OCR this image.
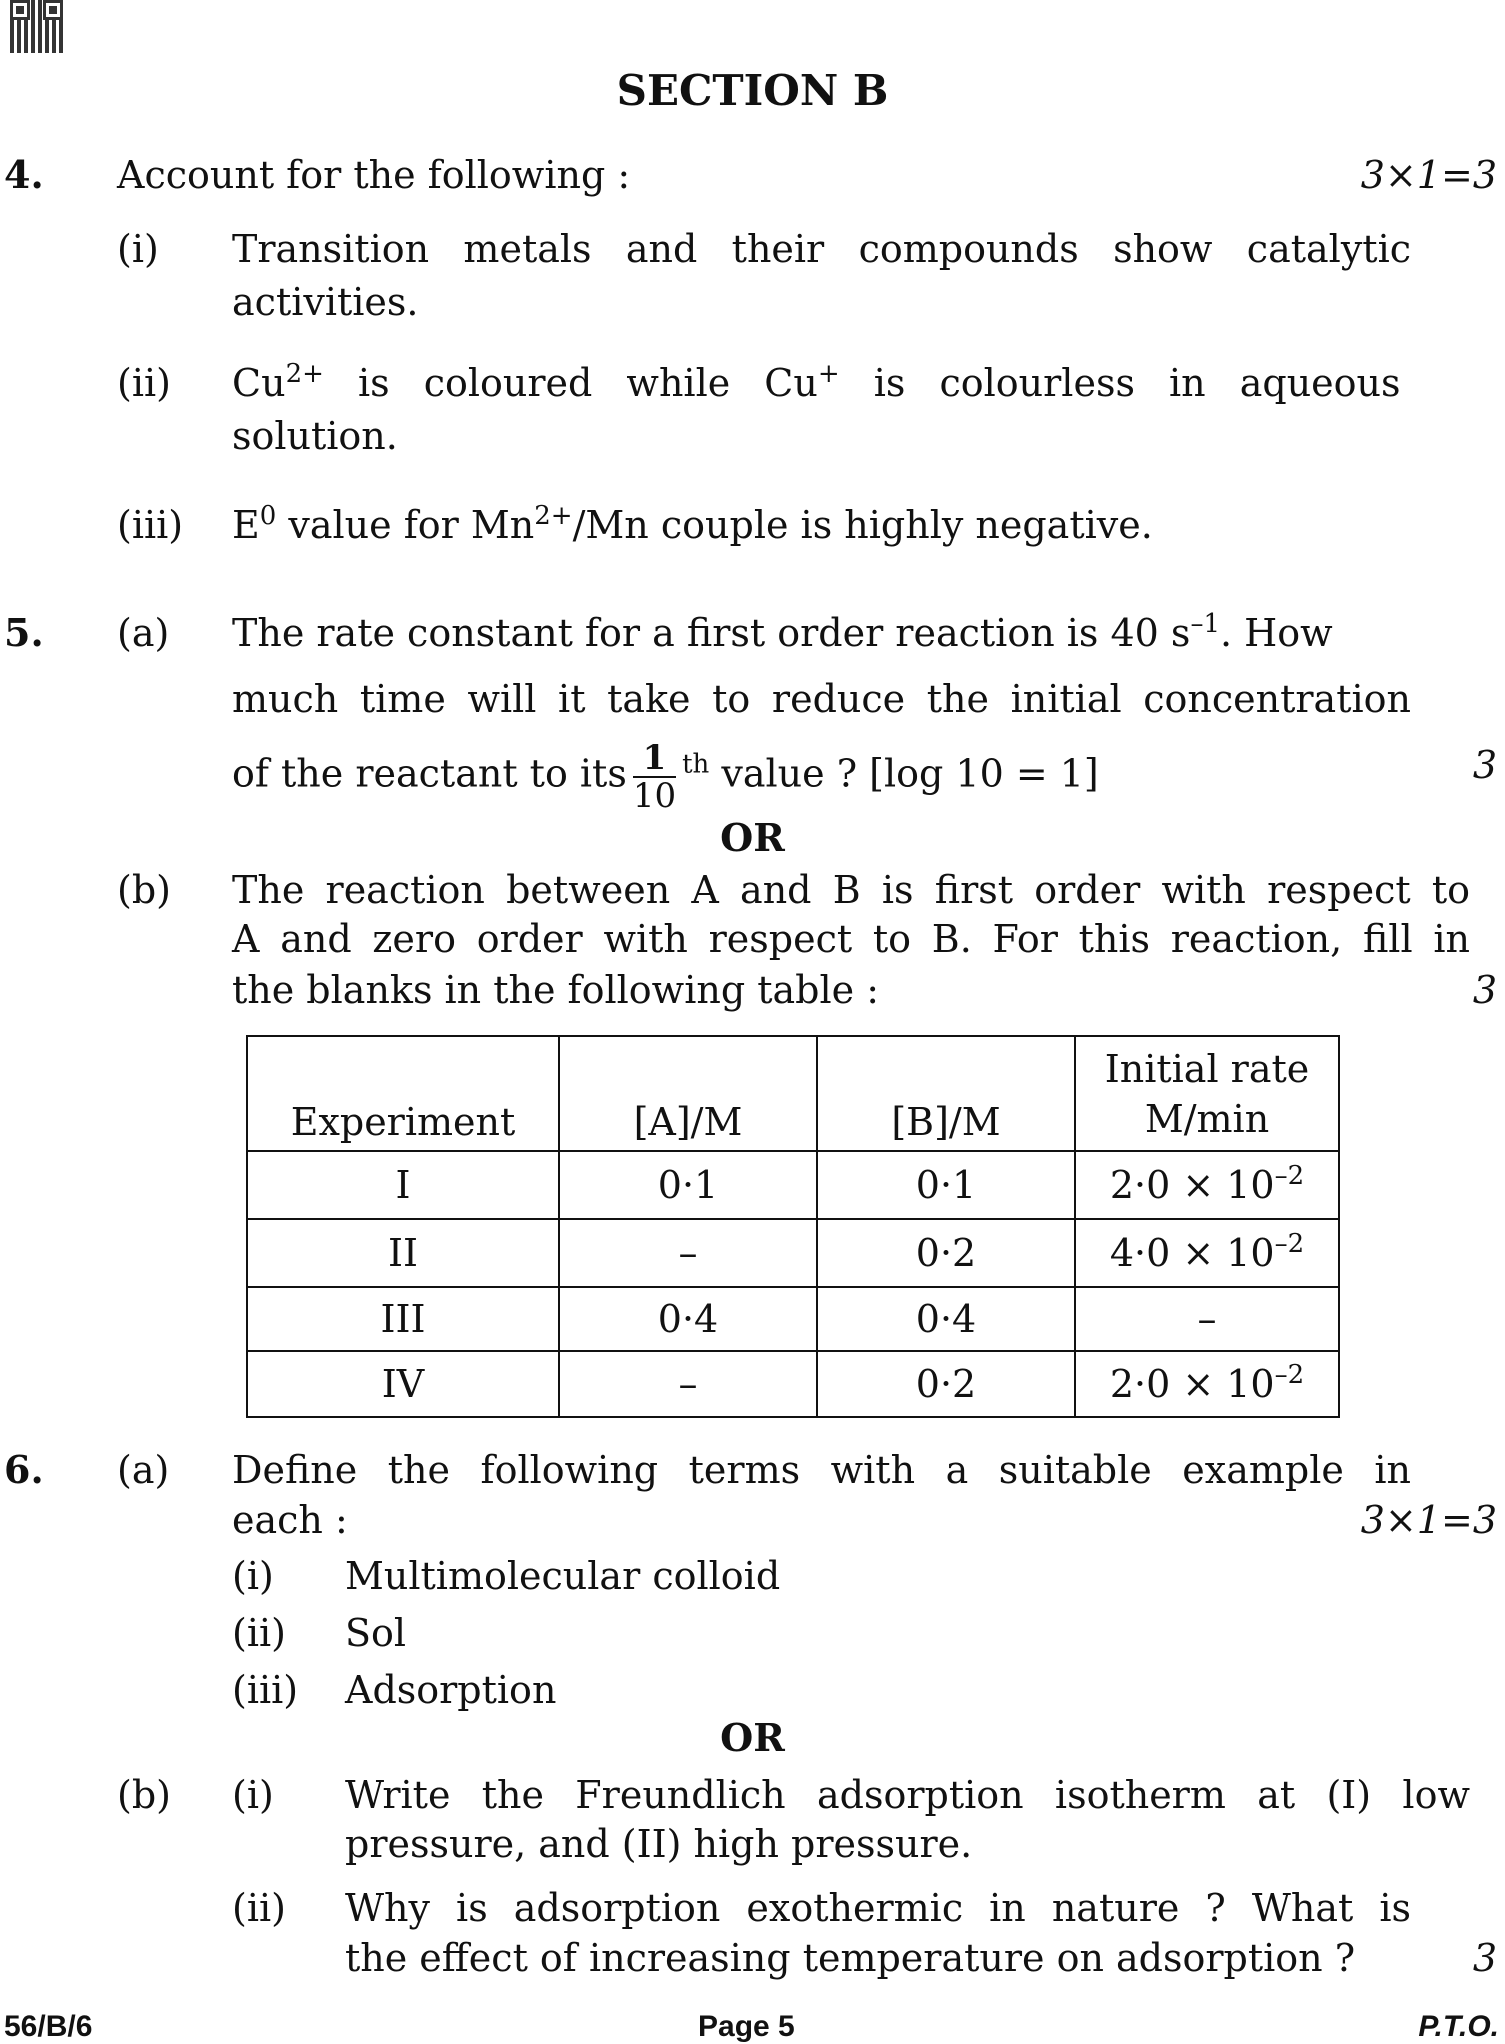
SECTION B
4. Account for the following :	3×1=3
(i) Transition metals and their compounds show catalytic
activities.
(ii) $Cu^{2+}$ is coloured while Cu+ is colourless in aqueous
solution.
(iii) $E^0$ value for $Mn^{2+}/Mn$ couple is highly negative.
5. (a) The rate constant for a first order reaction is 40 $s^{-1}$. How
much time will it take to reduce the initial concentration
of the reactant to its $\frac{1}{10} ^{th}$ value ? [log 10 = 1]	3
OR
(b) The reaction between A and B is first order with respect to
A and zero order with respect to B. For this reaction, fill in
the blanks in the following table :	3
Experiment	[A]/M	[B]/M	Initial rate
M/min

I	0·1	0·1	$2\cdot 0 \times 10^{-2}$
II	–	0·2	$4\cdot 0 \times 10^{-2}$
III	0·4	0·4	–
IV	–	0·2	$2\cdot 0 \times 10^{-2}$
6. (a) Define the following terms with a suitable example in
each :	3×1=3
(i) Multimolecular colloid
(ii) Sol
(iii) Adsorption
OR
(b) (i) Write the Freundlich adsorption isotherm at (I) low
pressure, and (II) high pressure.
(ii) Why is adsorption exothermic in nature ? What is
the effect of increasing temperature on adsorption ?	3
56/B/6	Page 5	P.T.O.
